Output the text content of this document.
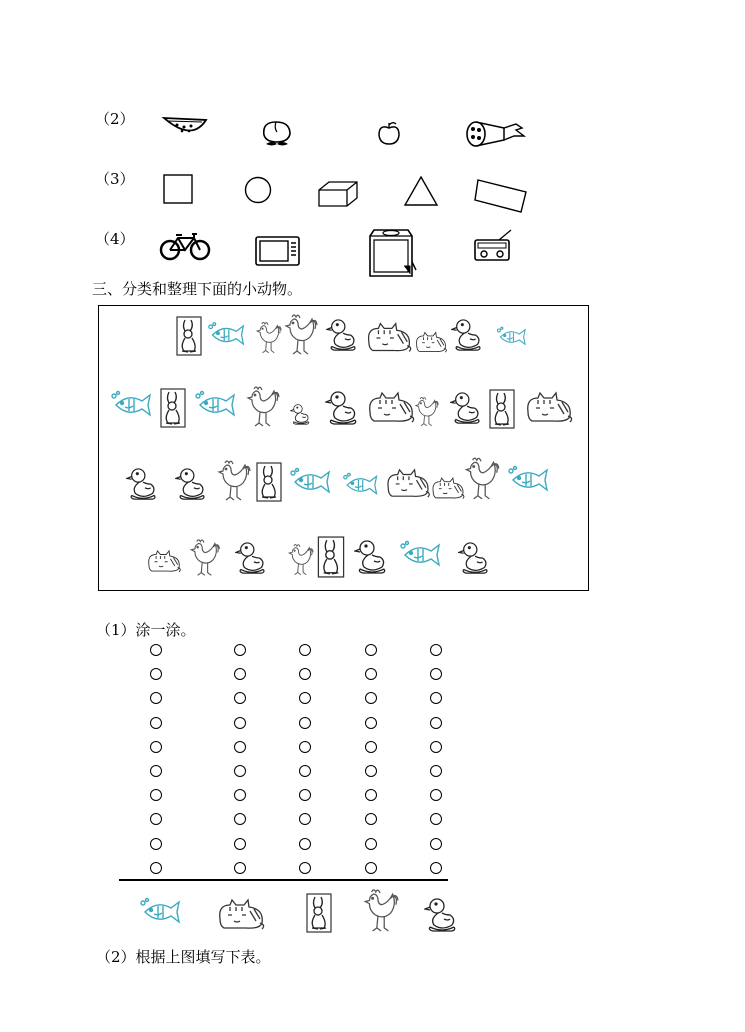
（2）
（3）
（4）
三、分类和整理下面的小动物。
（1）涂一涂。
（2）根据上图填写下表。
